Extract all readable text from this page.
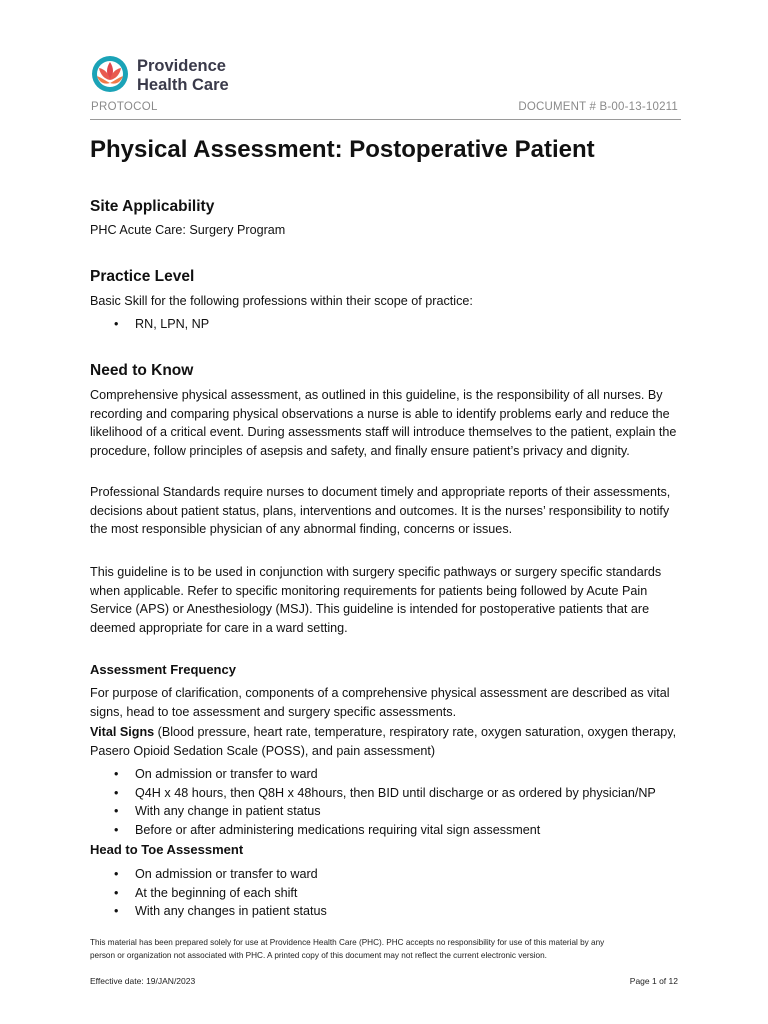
Providence
Health Care
PROTOCOL	DOCUMENT # B-00-13-10211
Physical Assessment: Postoperative Patient
Site Applicability

PHC Acute Care: Surgery Program

Practice Level

Basic Skill for the following professions within their scope of practice:

• RN, LPN, NP
Need to Know

Comprehensive physical assessment, as outlined in this guideline, is the responsibility of all nurses. By recording and comparing physical observations a nurse is able to identify problems early and reduce the likelihood of a critical event. During assessments staff will introduce themselves to the patient, explain the procedure, follow principles of asepsis and safety, and finally ensure patient’s privacy and dignity.

Professional Standards require nurses to document timely and appropriate reports of their assessments, decisions about patient status, plans, interventions and outcomes. It is the nurses’ responsibility to notify the most responsible physician of any abnormal finding, concerns or issues.

This guideline is to be used in conjunction with surgery specific pathways or surgery specific standards when applicable. Refer to specific monitoring requirements for patients being followed by Acute Pain Service (APS) or Anesthesiology (MSJ). This guideline is intended for postoperative patients that are deemed appropriate for care in a ward setting.

Assessment Frequency

For purpose of clarification, components of a comprehensive physical assessment are described as vital signs, head to toe assessment and surgery specific assessments.

Vital Signs (Blood pressure, heart rate, temperature, respiratory rate, oxygen saturation, oxygen therapy, Pasero Opioid Sedation Scale (POSS), and pain assessment)

• On admission or transfer to ward
• Q4H x 48 hours, then Q8H x 48hours, then BID until discharge or as ordered by physician/NP
• With any change in patient status
• Before or after administering medications requiring vital sign assessment
Head to Toe Assessment
• On admission or transfer to ward
• At the beginning of each shift
• With any changes in patient status
This material has been prepared solely for use at Providence Health Care (PHC). PHC accepts no responsibility for use of this material by any
person or organization not associated with PHC. A printed copy of this document may not reflect the current electronic version.
Effective date: 19/JAN/2023	Page 1 of 12
